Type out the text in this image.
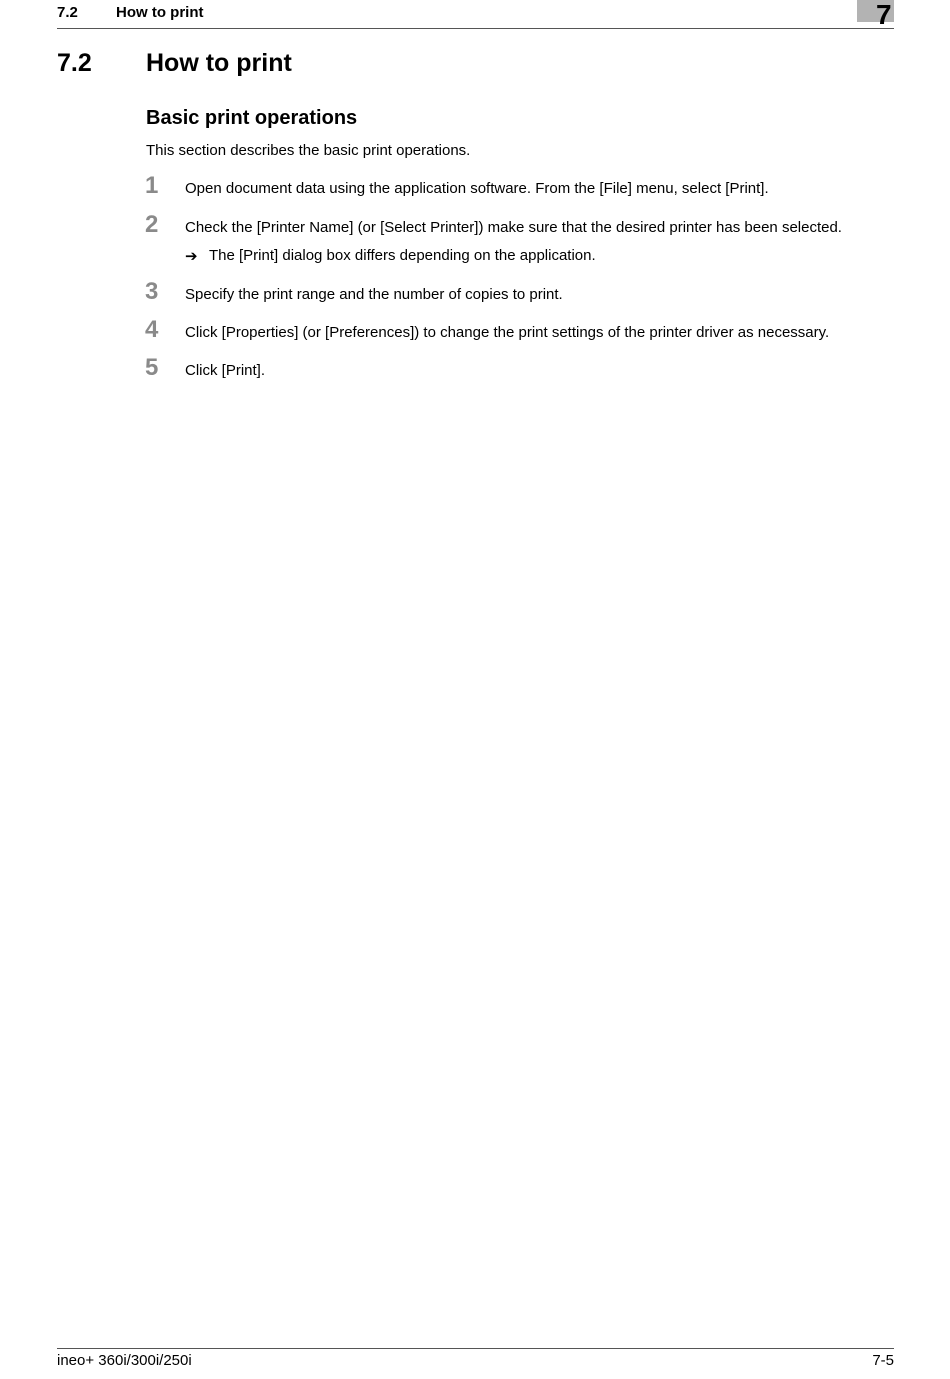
7.2	How to print	7
7.2 How to print
Basic print operations
This section describes the basic print operations.
1 Open document data using the application software. From the [File] menu, select [Print].
2 Check the [Printer Name] (or [Select Printer]) make sure that the desired printer has been selected.
➔ The [Print] dialog box differs depending on the application.
3 Specify the print range and the number of copies to print.
4 Click [Properties] (or [Preferences]) to change the print settings of the printer driver as necessary.
5 Click [Print].
ineo+ 360i/300i/250i	7-5
